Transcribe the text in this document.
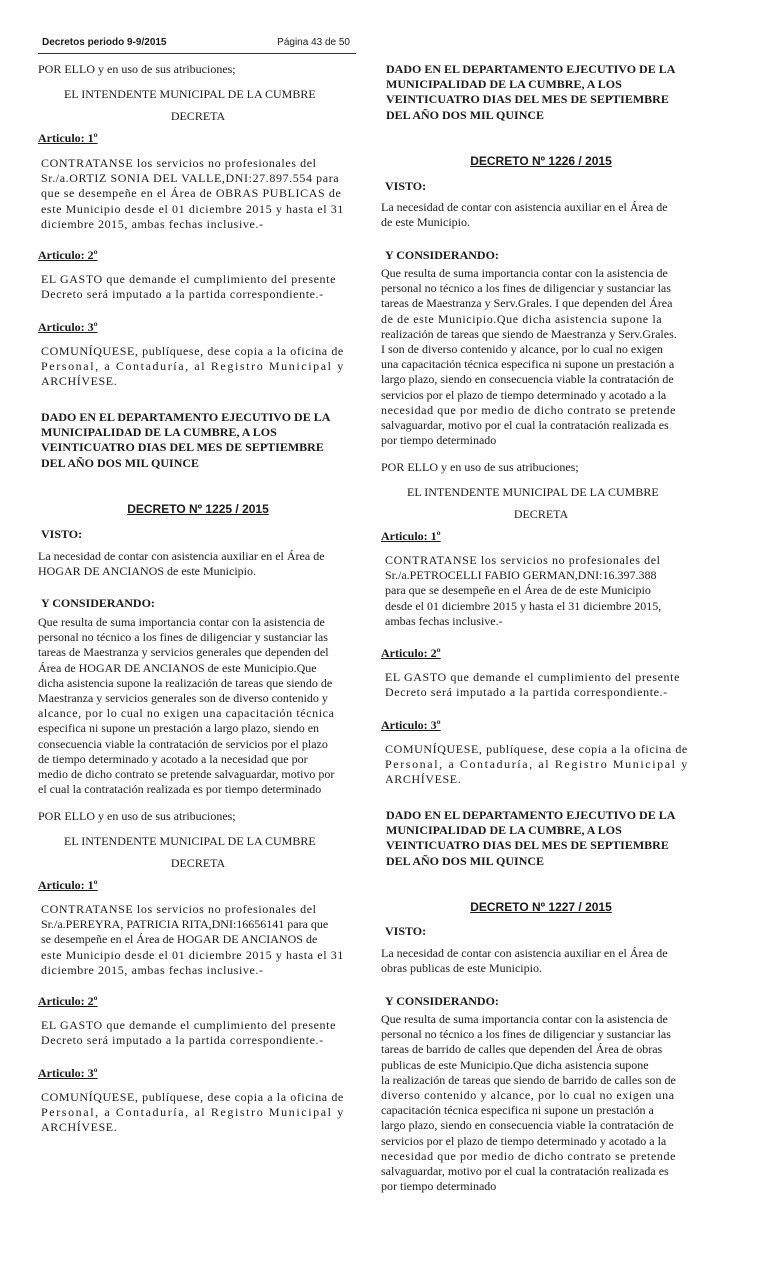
Decretos periodo 9-9/2015	Página 43 de 50
POR ELLO y en uso de sus atribuciones;
EL INTENDENTE MUNICIPAL DE LA CUMBRE
DECRETA
Articulo: 1º
CONTRATANSE los servicios no profesionales del
Sr./a.ORTIZ SONIA DEL VALLE,DNI:27.897.554 para
que se desempeñe en el Área de OBRAS PUBLICAS de
este Municipio desde el 01 diciembre 2015 y hasta el 31
diciembre 2015, ambas fechas inclusive.-
Articulo: 2º
EL GASTO que demande el cumplimiento del presente
Decreto será imputado a la partida correspondiente.-
Articulo: 3º
COMUNÍQUESE, publíquese, dese copia a la oficina de
Personal, a Contaduría, al Registro Municipal y
ARCHÍVESE.
DADO EN EL DEPARTAMENTO EJECUTIVO DE LA
MUNICIPALIDAD DE LA CUMBRE, A LOS
VEINTICUATRO DIAS DEL MES DE SEPTIEMBRE
DEL AÑO DOS MIL QUINCE
DECRETO Nº 1225 / 2015
VISTO:
La necesidad de contar con asistencia auxiliar en el Área de
HOGAR DE ANCIANOS de este Municipio.
Y CONSIDERANDO:
Que resulta de suma importancia contar con la asistencia de
personal no técnico a los fines de diligenciar y sustanciar las
tareas de Maestranza y servicios generales que dependen del
Área de HOGAR DE ANCIANOS de este Municipio.Que
dicha asistencia supone la realización de tareas que siendo de
Maestranza y servicios generales son de diverso contenido y
alcance, por lo cual no exigen una capacitación técnica
especifica ni supone un prestación a largo plazo, siendo en
consecuencia viable la contratación de servicios por el plazo
de tiempo determinado y acotado a la necesidad que por
medio de dicho contrato se pretende salvaguardar, motivo por
el cual la contratación realizada es por tiempo determinado
POR ELLO y en uso de sus atribuciones;
EL INTENDENTE MUNICIPAL DE LA CUMBRE
DECRETA
Articulo: 1º
CONTRATANSE los servicios no profesionales del
Sr./a.PEREYRA, PATRICIA RITA,DNI:16656141 para que
se desempeñe en el Área de HOGAR DE ANCIANOS de
este Municipio desde el 01 diciembre 2015 y hasta el 31
diciembre 2015, ambas fechas inclusive.-
Articulo: 2º
EL GASTO que demande el cumplimiento del presente
Decreto será imputado a la partida correspondiente.-
Articulo: 3º
COMUNÍQUESE, publíquese, dese copia a la oficina de
Personal, a Contaduría, al Registro Municipal y
ARCHÍVESE.
DADO EN EL DEPARTAMENTO EJECUTIVO DE LA
MUNICIPALIDAD DE LA CUMBRE, A LOS
VEINTICUATRO DIAS DEL MES DE SEPTIEMBRE
DEL AÑO DOS MIL QUINCE
DECRETO Nº 1226 / 2015
VISTO:
La necesidad de contar con asistencia auxiliar en el Área de
de este Municipio.
Y CONSIDERANDO:
Que resulta de suma importancia contar con la asistencia de
personal no técnico a los fines de diligenciar y sustanciar las
tareas de Maestranza y Serv.Grales. I que dependen del Área
de de este Municipio.Que dicha asistencia supone la
realización de tareas que siendo de Maestranza y Serv.Grales.
I son de diverso contenido y alcance, por lo cual no exigen
una capacitación técnica especifica ni supone un prestación a
largo plazo, siendo en consecuencia viable la contratación de
servicios por el plazo de tiempo determinado y acotado a la
necesidad que por medio de dicho contrato se pretende
salvaguardar, motivo por el cual la contratación realizada es
por tiempo determinado
POR ELLO y en uso de sus atribuciones;
EL INTENDENTE MUNICIPAL DE LA CUMBRE
DECRETA
Articulo: 1º
CONTRATANSE los servicios no profesionales del
Sr./a.PETROCELLI FABIO GERMAN,DNI:16.397.388
para que se desempeñe en el Área de de este Municipio
desde el 01 diciembre 2015 y hasta el 31 diciembre 2015,
ambas fechas inclusive.-
Articulo: 2º
EL GASTO que demande el cumplimiento del presente
Decreto será imputado a la partida correspondiente.-
Articulo: 3º
COMUNÍQUESE, publíquese, dese copia a la oficina de
Personal, a Contaduría, al Registro Municipal y
ARCHÍVESE.
DADO EN EL DEPARTAMENTO EJECUTIVO DE LA
MUNICIPALIDAD DE LA CUMBRE, A LOS
VEINTICUATRO DIAS DEL MES DE SEPTIEMBRE
DEL AÑO DOS MIL QUINCE
DECRETO Nº 1227 / 2015
VISTO:
La necesidad de contar con asistencia auxiliar en el Área de
obras publicas de este Municipio.
Y CONSIDERANDO:
Que resulta de suma importancia contar con la asistencia de
personal no técnico a los fines de diligenciar y sustanciar las
tareas de barrido de calles que dependen del Área de obras
publicas de este Municipio.Que dicha asistencia supone
la realización de tareas que siendo de barrido de calles son de
diverso contenido y alcance, por lo cual no exigen una
capacitación técnica especifica ni supone un prestación a
largo plazo, siendo en consecuencia viable la contratación de
servicios por el plazo de tiempo determinado y acotado a la
necesidad que por medio de dicho contrato se pretende
salvaguardar, motivo por el cual la contratación realizada es
por tiempo determinado
